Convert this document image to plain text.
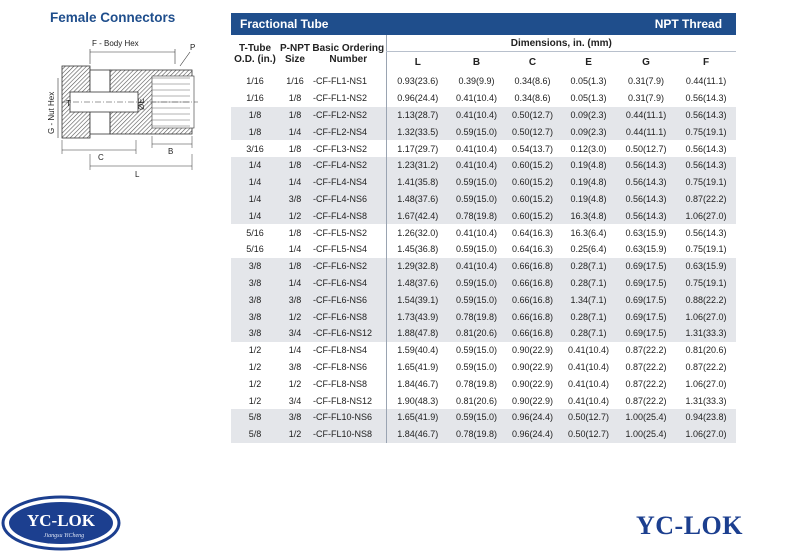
Female Connectors
F - Body Hex	P
G - Nut Hex T	ØE
C
B
L
Fractional Tube						NPT Thread		
T-Tube O.D. (in.)	P-NPT Size	Basic Ordering Number	Dimensions, in. (mm)					
			L	B	C	E	G	F
1/16	1/16	-CF-FL1-NS1	0.93(23.6)	0.39(9.9)	0.34(8.6)	0.05(1.3)	0.31(7.9)	0.44(11.1)
1/16	1/8	-CF-FL1-NS2	0.96(24.4)	0.41(10.4)	0.34(8.6)	0.05(1.3)	0.31(7.9)	0.56(14.3)
1/8	1/8	-CF-FL2-NS2	1.13(28.7)	0.41(10.4)	0.50(12.7)	0.09(2.3)	0.44(11.1)	0.56(14.3)
1/8	1/4	-CF-FL2-NS4	1.32(33.5)	0.59(15.0)	0.50(12.7)	0.09(2.3)	0.44(11.1)	0.75(19.1)
3/16	1/8	-CF-FL3-NS2	1.17(29.7)	0.41(10.4)	0.54(13.7)	0.12(3.0)	0.50(12.7)	0.56(14.3)
1/4	1/8	-CF-FL4-NS2	1.23(31.2)	0.41(10.4)	0.60(15.2)	0.19(4.8)	0.56(14.3)	0.56(14.3)
1/4	1/4	-CF-FL4-NS4	1.41(35.8)	0.59(15.0)	0.60(15.2)	0.19(4.8)	0.56(14.3)	0.75(19.1)
1/4	3/8	-CF-FL4-NS6	1.48(37.6)	0.59(15.0)	0.60(15.2)	0.19(4.8)	0.56(14.3)	0.87(22.2)
1/4	1/2	-CF-FL4-NS8	1.67(42.4)	0.78(19.8)	0.60(15.2)	16.3(4.8)	0.56(14.3)	1.06(27.0)
5/16	1/8	-CF-FL5-NS2	1.26(32.0)	0.41(10.4)	0.64(16.3)	16.3(6.4)	0.63(15.9)	0.56(14.3)
5/16	1/4	-CF-FL5-NS4	1.45(36.8)	0.59(15.0)	0.64(16.3)	0.25(6.4)	0.63(15.9)	0.75(19.1)
3/8	1/8	-CF-FL6-NS2	1.29(32.8)	0.41(10.4)	0.66(16.8)	0.28(7.1)	0.69(17.5)	0.63(15.9)
3/8	1/4	-CF-FL6-NS4	1.48(37.6)	0.59(15.0)	0.66(16.8)	0.28(7.1)	0.69(17.5)	0.75(19.1)
3/8	3/8	-CF-FL6-NS6	1.54(39.1)	0.59(15.0)	0.66(16.8)	1.34(7.1)	0.69(17.5)	0.88(22.2)
3/8	1/2	-CF-FL6-NS8	1.73(43.9)	0.78(19.8)	0.66(16.8)	0.28(7.1)	0.69(17.5)	1.06(27.0)
3/8	3/4	-CF-FL6-NS12	1.88(47.8)	0.81(20.6)	0.66(16.8)	0.28(7.1)	0.69(17.5)	1.31(33.3)
1/2	1/4	-CF-FL8-NS4	1.59(40.4)	0.59(15.0)	0.90(22.9)	0.41(10.4)	0.87(22.2)	0.81(20.6)
1/2	3/8	-CF-FL8-NS6	1.65(41.9)	0.59(15.0)	0.90(22.9)	0.41(10.4)	0.87(22.2)	0.87(22.2)
1/2	1/2	-CF-FL8-NS8	1.84(46.7)	0.78(19.8)	0.90(22.9)	0.41(10.4)	0.87(22.2)	1.06(27.0)
1/2	3/4	-CF-FL8-NS12	1.90(48.3)	0.81(20.6)	0.90(22.9)	0.41(10.4)	0.87(22.2)	1.31(33.3)
5/8	3/8	-CF-FL10-NS6	1.65(41.9)	0.59(15.0)	0.96(24.4)	0.50(12.7)	1.00(25.4)	0.94(23.8)
5/8	1/2	-CF-FL10-NS8	1.84(46.7)	0.78(19.8)	0.96(24.4)	0.50(12.7)	1.00(25.4)	1.06(27.0)
YC-LOK
Jiangsu YiCheng	YC-LOK
